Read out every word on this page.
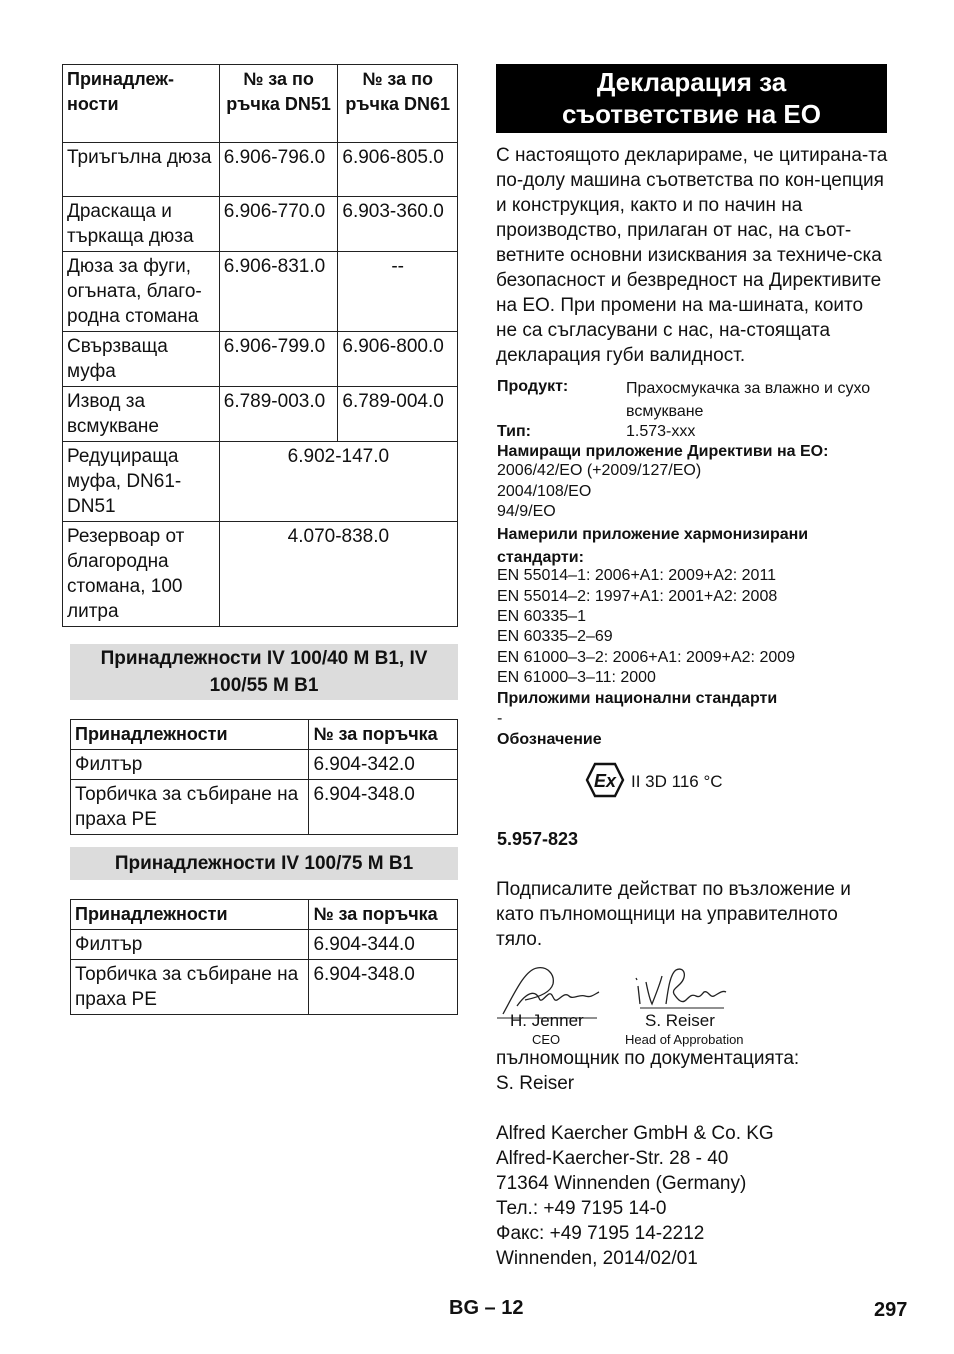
Принадлеж-ности	№ за по ръчка DN51	№ за по ръчка DN61
Триъгълна дюза	6.906-796.0	6.906-805.0
Драскаща и търкаща дюза	6.906-770.0	6.903-360.0
Дюза за фуги, огъната, благо-родна стомана	6.906-831.0	--
Свързваща муфа	6.906-799.0	6.906-800.0
Извод за всмукване	6.789-003.0	6.789-004.0
Редуцираща муфа, DN61-DN51	6.902-147.0	
Резервоар от благородна стомана, 100 литра	4.070-838.0	
Принадлежности IV 100/40 M B1, IV 100/55 M B1
Принадлежности	№ за поръчка
Филтър	6.904-342.0
Торбичка за събиране на праха PE	6.904-348.0
Принадлежности IV 100/75 M B1
Принадлежности	№ за поръчка
Филтър	6.904-344.0
Торбичка за събиране на праха PE	6.904-348.0
Декларация за съответствие на ЕО
С настоящото декларираме, че цитирана-та по-долу машина съответства по кон-цепция и конструкция, както и по начин на производство, прилаган от нас, на съот-ветните основни изисквания за техниче-ска безопасност и безвредност на Директивите на ЕО. При промени на ма-шината, които не са съгласувани с нас, на-стоящата декларация губи валидност.
Продукт:	Прахосмукачка за влажно и сухо всмукване
Тип:	1.573-xxx
Намиращи приложение Директиви на ЕО:
2006/42/EO (+2009/127/EO)
2004/108/EO
94/9/EO
Намерили приложение хармонизирани стандарти:
EN 55014–1: 2006+A1: 2009+A2: 2011
EN 55014–2: 1997+A1: 2001+A2: 2008
EN 60335–1
EN 60335–2–69
EN 61000–3–2: 2006+A1: 2009+A2: 2009
EN 61000–3–11: 2000
Приложими национални стандарти
-
Обозначение
Ex II 3D 116 °C
5.957-823
Подписалите действат по възложение и като пълномощници на управителното тяло.
H. Jenner
CEO
S. Reiser
Head of Approbation
пълномощник по документацията:
S. Reiser
Alfred Kaercher GmbH & Co. KG
Alfred-Kaercher-Str. 28 - 40
71364 Winnenden (Germany)
Тел.: +49 7195 14-0
Факс: +49 7195 14-2212
Winnenden, 2014/02/01
BG – 12	297
